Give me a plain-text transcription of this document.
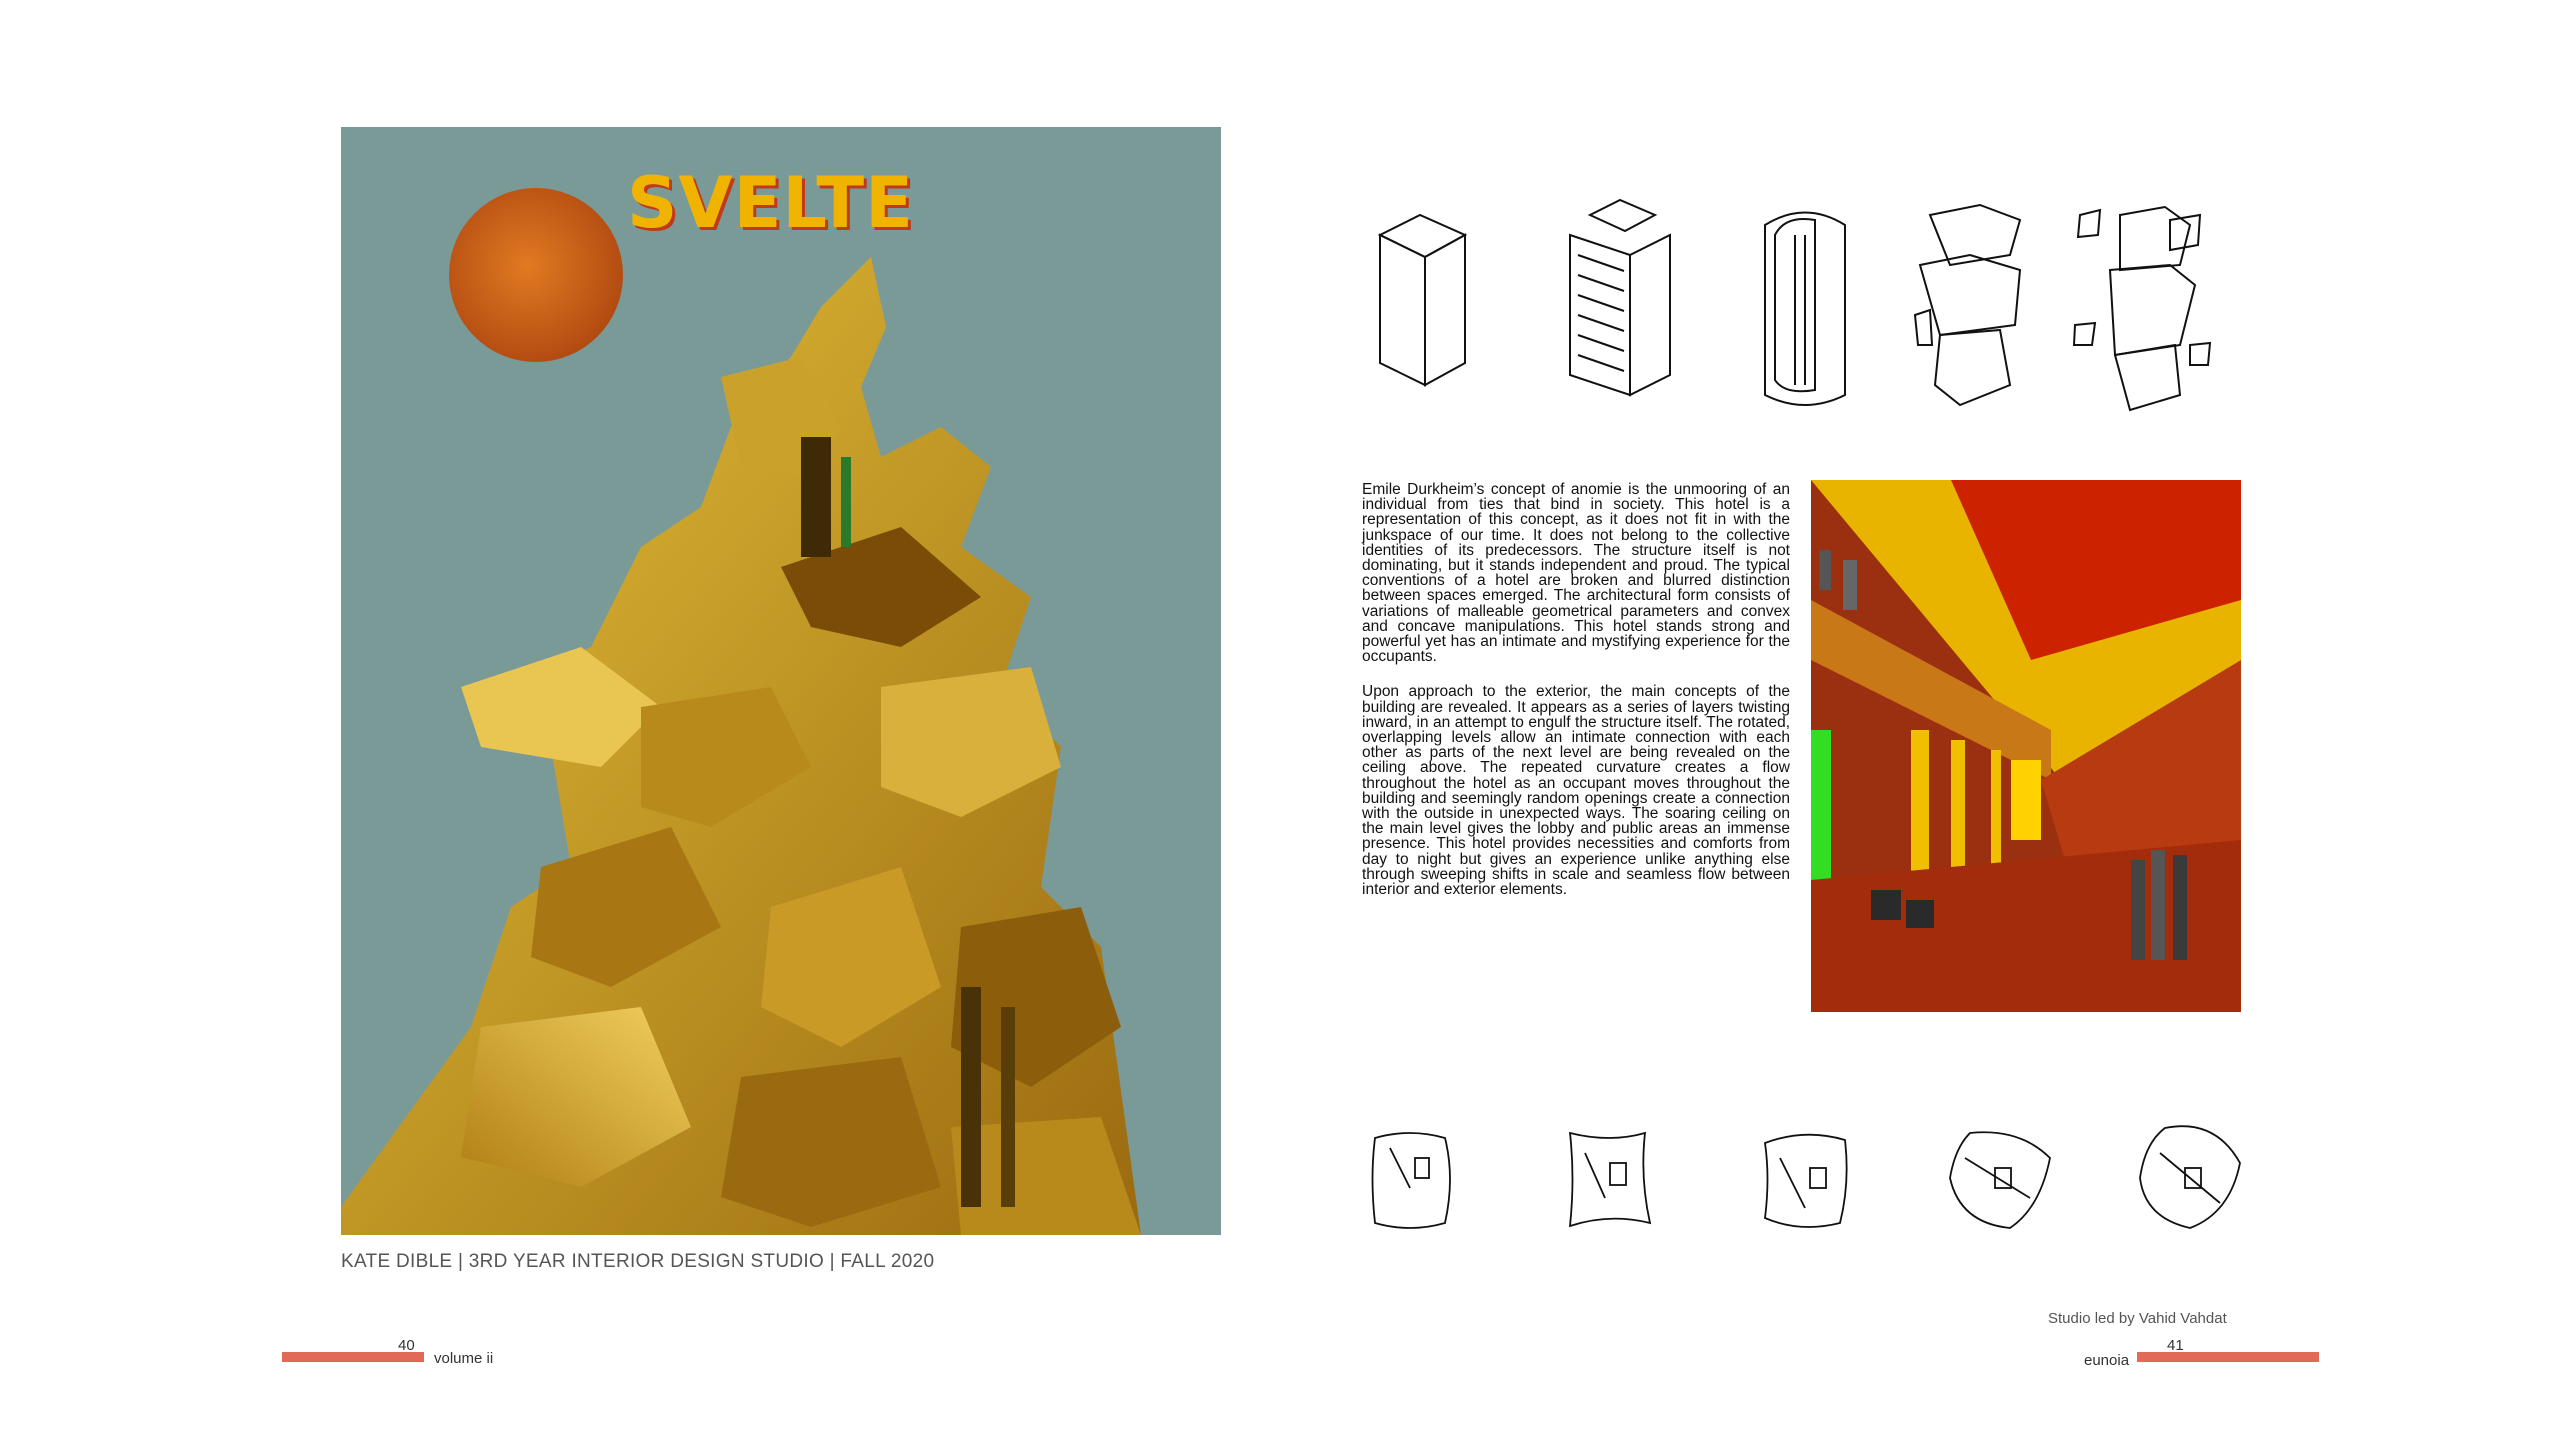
SVELTE
KATE DIBLE | 3RD YEAR INTERIOR DESIGN STUDIO | FALL 2020
40
volume ii

Emile Durkheim’s concept of anomie is the unmooring of an individual from ties that bind in society. This hotel is a representation of this concept, as it does not fit in with the junkspace of our time. It does not belong to the collective identities of its predecessors. The structure itself is not dominating, but it stands independent and proud. The typical conventions of a hotel are broken and blurred distinction between spaces emerged. The architectural form consists of variations of malleable geometrical parameters and convex and concave manipulations. This hotel stands strong and powerful yet has an intimate and mystifying experience for the occupants.

Upon approach to the exterior, the main concepts of the building are revealed. It appears as a series of layers twisting inward, in an attempt to engulf the structure itself. The rotated, overlapping levels allow an intimate connection with each other as parts of the next level are being revealed on the ceiling above. The repeated curvature creates a flow throughout the hotel as an occupant moves throughout the building and seemingly random openings create a connection with the outside in unexpected ways. The soaring ceiling on the main level gives the lobby and public areas an immense presence. This hotel provides necessities and comforts from day to night but gives an experience unlike anything else through sweeping shifts in scale and seamless flow between interior and exterior elements.

Studio led by Vahid Vahdat
41
eunoia
